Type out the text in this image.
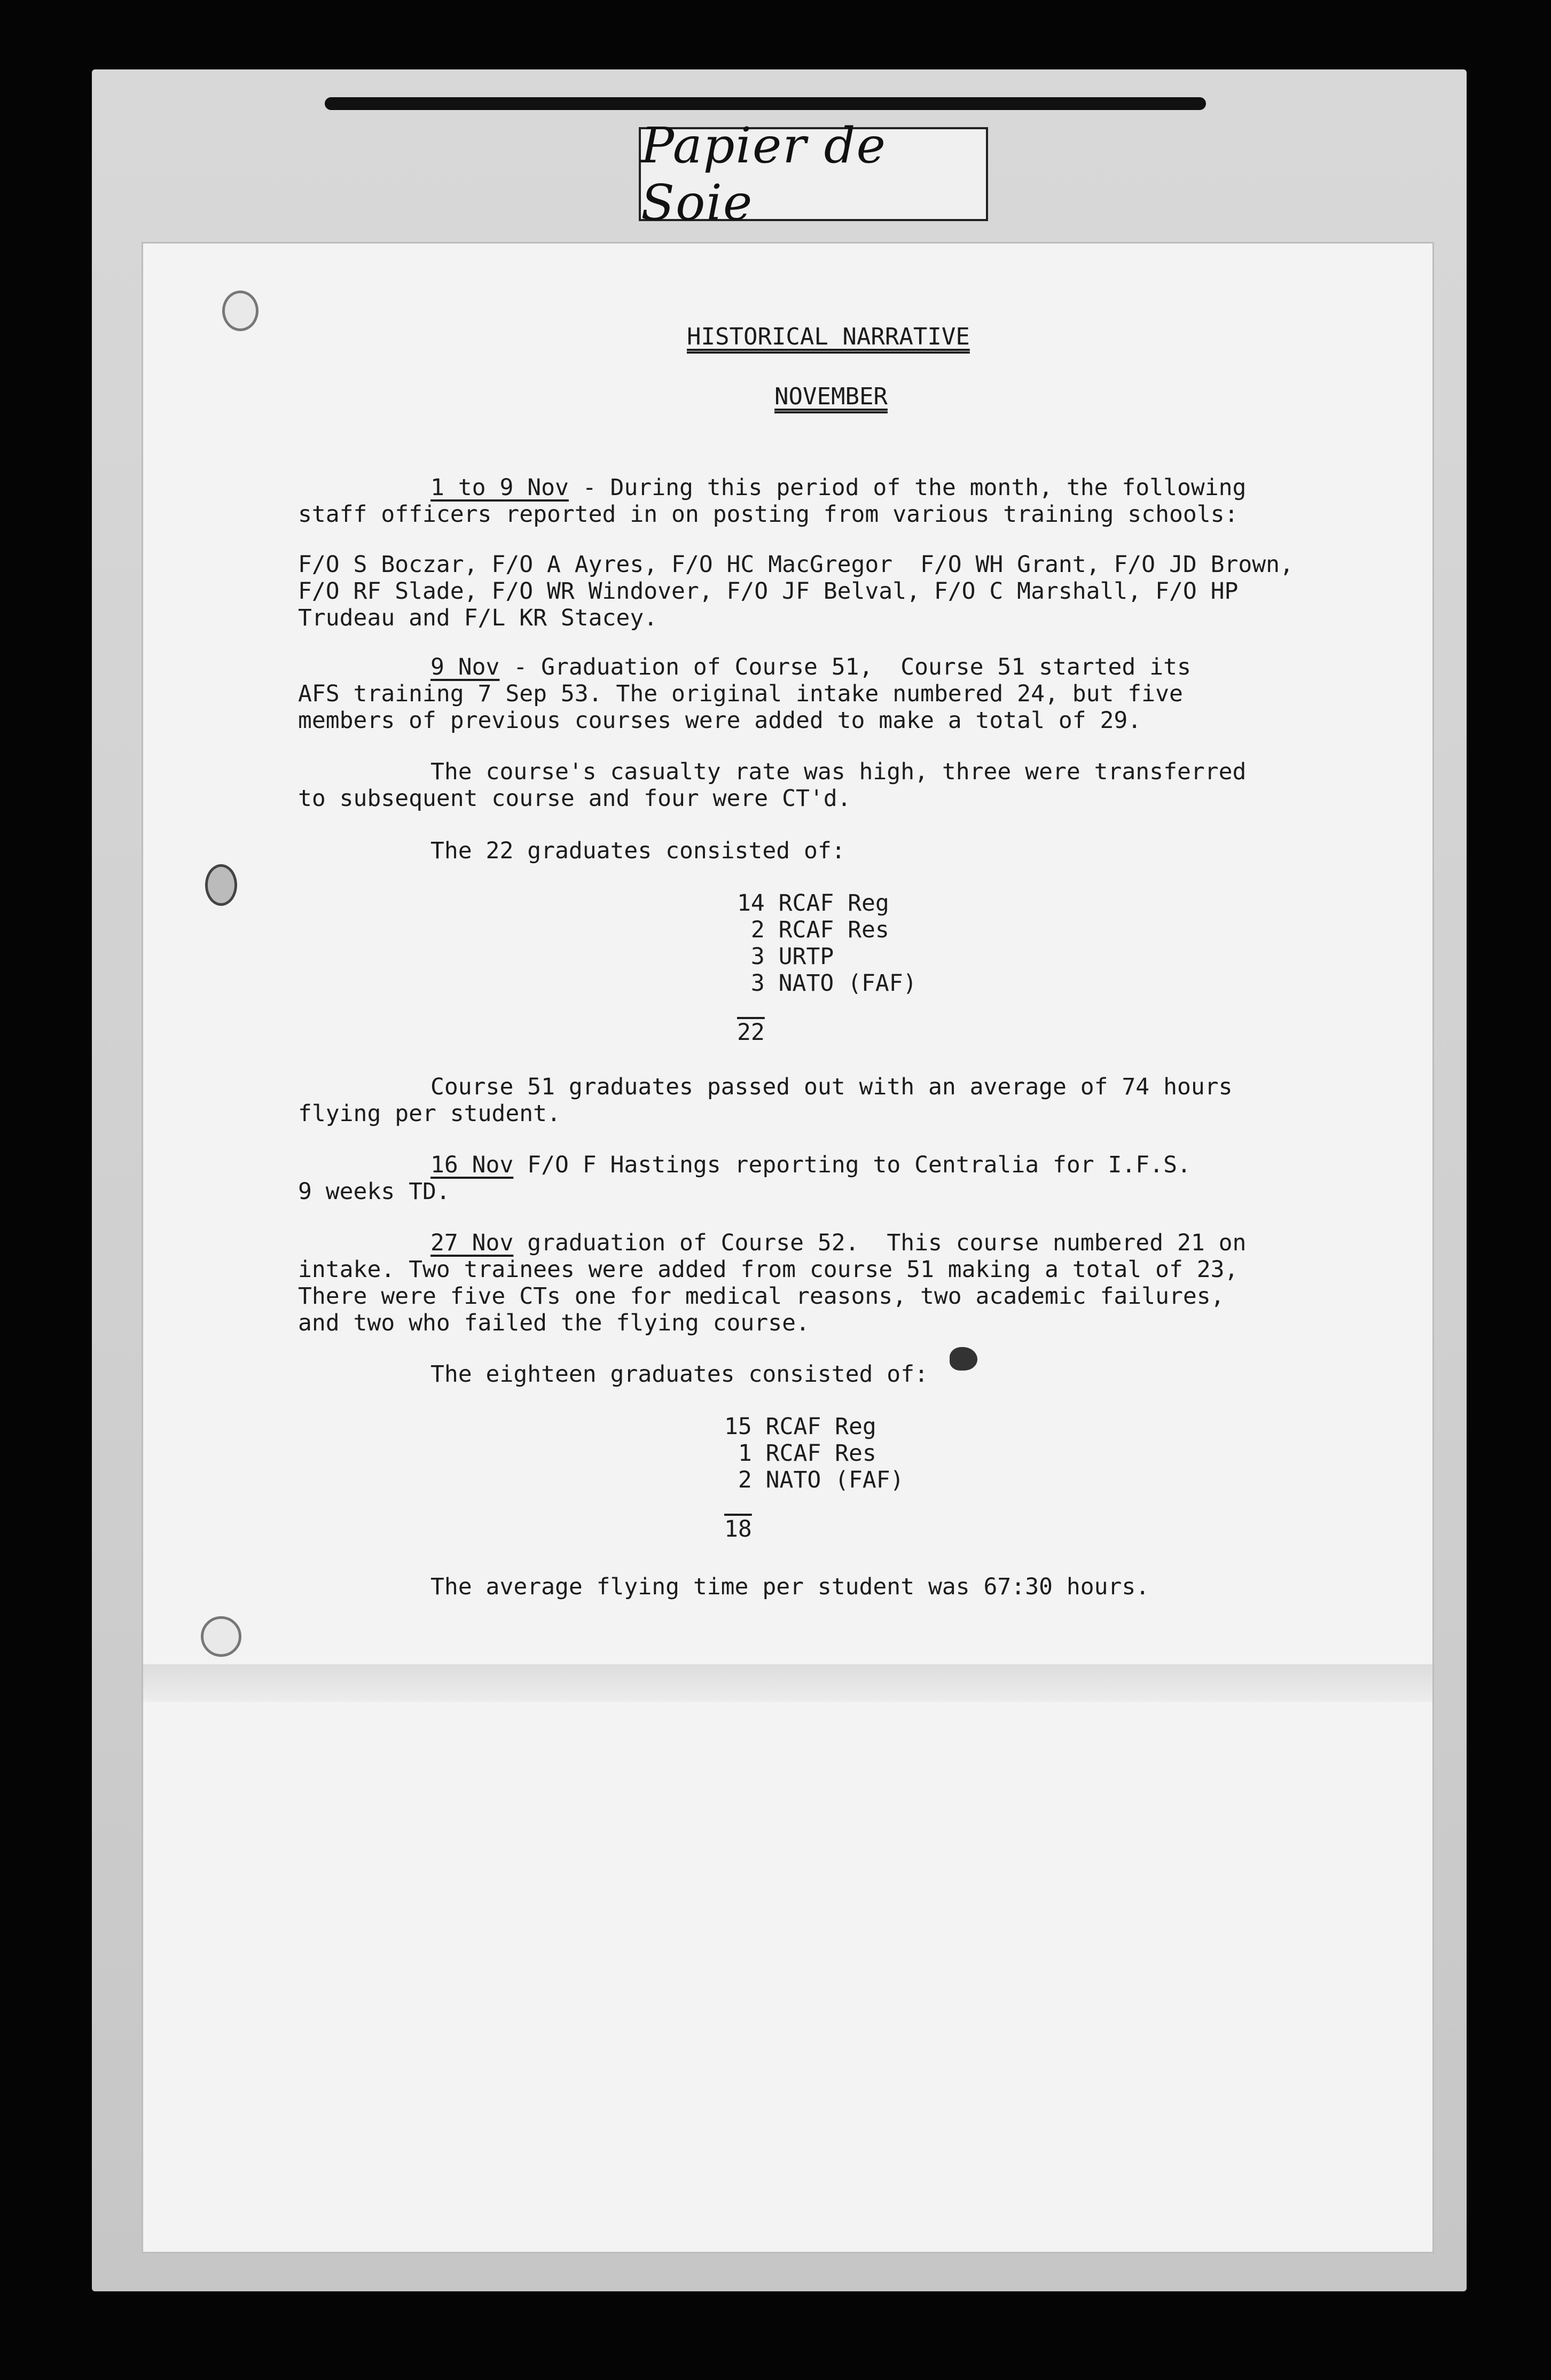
Papier de Soie
HISTORICAL NARRATIVE
NOVEMBER
1 to 9 Nov - During this period of the month, the following
staff officers reported in on posting from various training schools:
F/O S Boczar, F/O A Ayres, F/O HC MacGregor  F/O WH Grant, F/O JD Brown,
F/O RF Slade, F/O WR Windover, F/O JF Belval, F/O C Marshall, F/O HP
Trudeau and F/L KR Stacey.
9 Nov - Graduation of Course 51,  Course 51 started its
AFS training 7 Sep 53. The original intake numbered 24, but five
members of previous courses were added to make a total of 29.
The course's casualty rate was high, three were transferred
to subsequent course and four were CT'd.
The 22 graduates consisted of:
14 RCAF Reg
2 RCAF Res
3 URTP
3 NATO (FAF)
22
Course 51 graduates passed out with an average of 74 hours
flying per student.
16 Nov F/O F Hastings reporting to Centralia for I.F.S.
9 weeks TD.
27 Nov graduation of Course 52.  This course numbered 21 on
intake. Two trainees were added from course 51 making a total of 23,
There were five CTs one for medical reasons, two academic failures,
and two who failed the flying course.
The eighteen graduates consisted of:
15 RCAF Reg
1 RCAF Res
2 NATO (FAF)
18
The average flying time per student was 67:30 hours.
